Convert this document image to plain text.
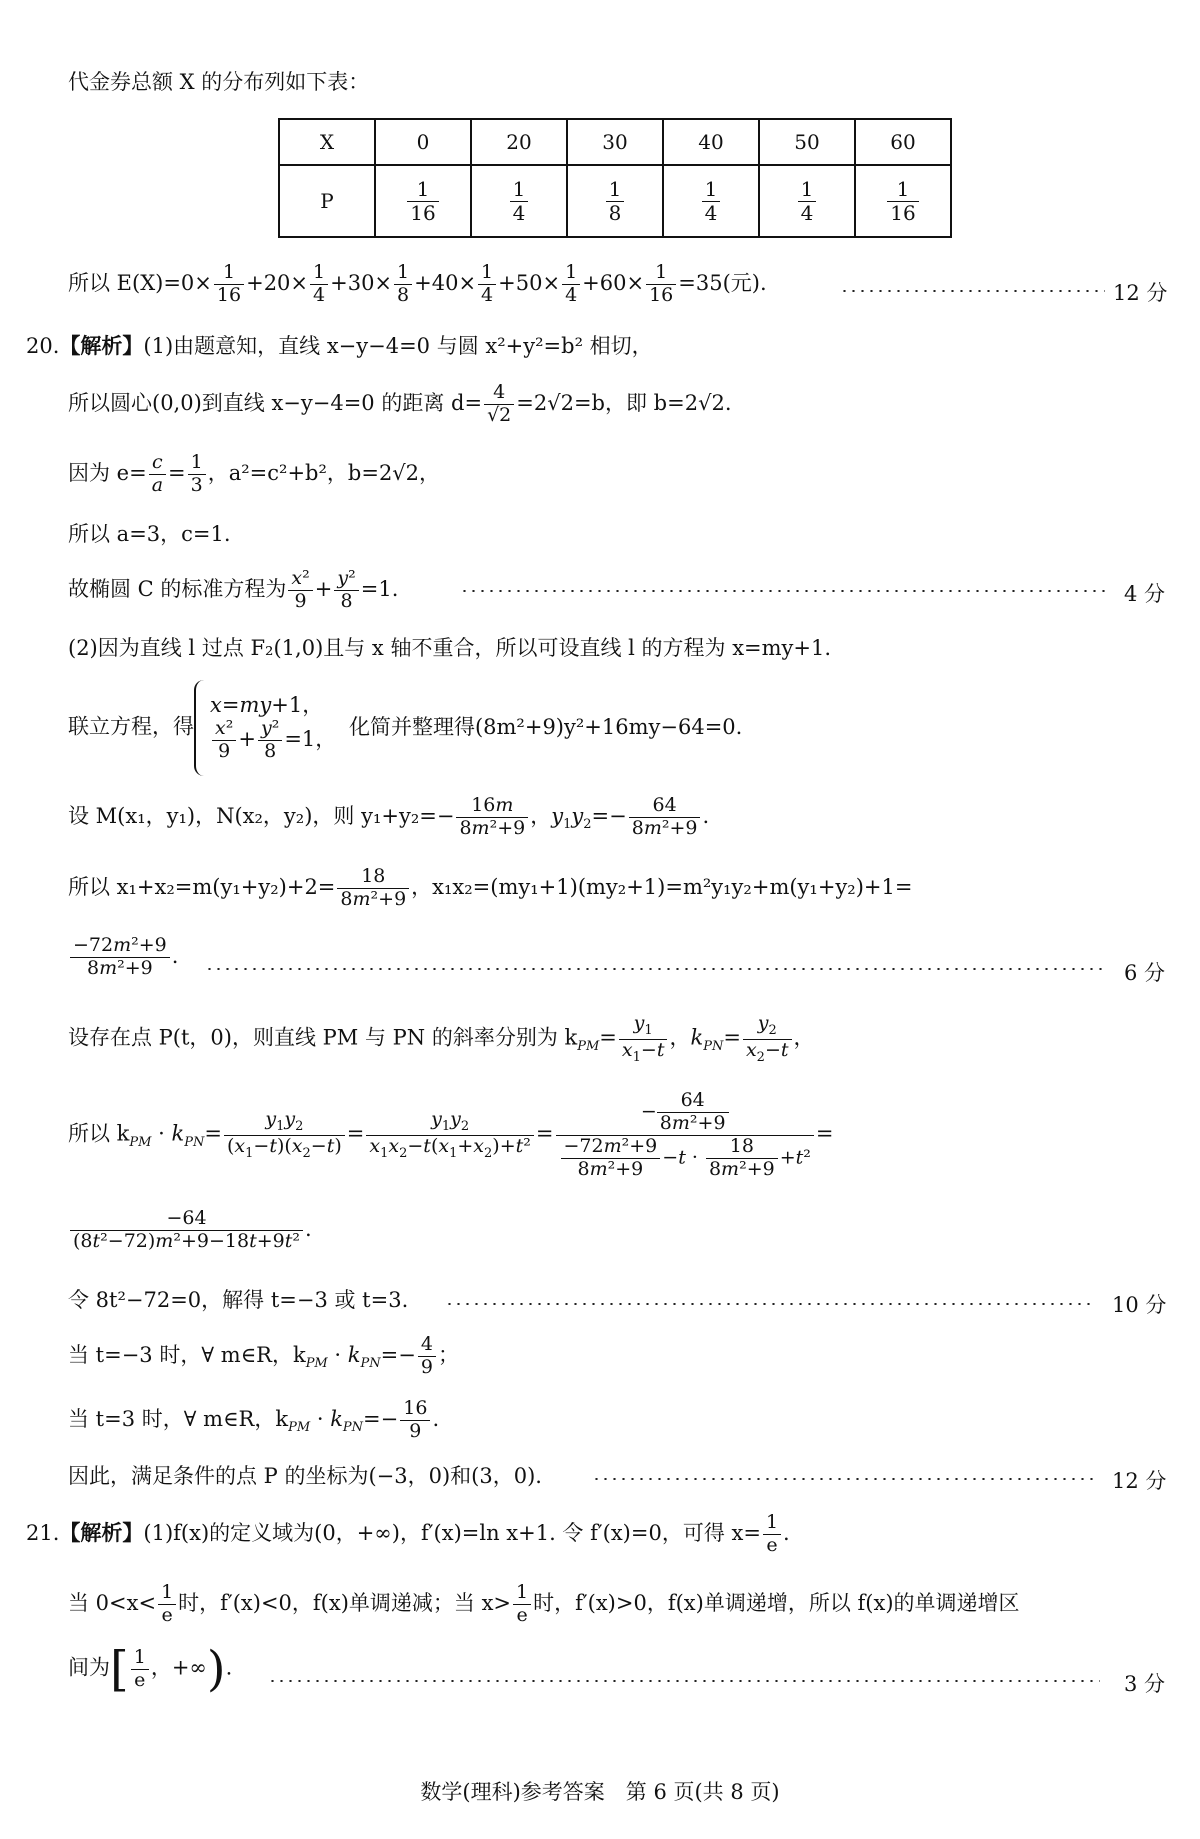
代金券总额 X 的分布列如下表：
X	0	20	30	40	50	60
P	$\frac{1}{16}$	$\frac{1}{4}$	$\frac{1}{8}$	$\frac{1}{4}$	$\frac{1}{4}$	$\frac{1}{16}$
所以 $E(X)=0\times \frac{1}{16} +20\times \frac{1}{4} +30\times \frac{1}{8} +40\times \frac{1}{4} +50\times \frac{1}{4} +60\times \frac{1}{16} =35$(元).	12 分
20.【解析】(1)由题意知，直线 x−y−4=0 与圆 x²+y²=b² 相切，
所以圆心(0,0)到直线 x−y−4=0 的距离 $d= \frac{4}{√2} =2√2=b$，即 b=2√2.
因为 $e= \frac{c}{a} = \frac{1}{3}$ ，a²=c²+b²，b=2√2，
所以 a=3，c=1.
故椭圆 C 的标准方程为 $\frac{\text{x²}}{9} + \frac{\text{y²}}{8} =1$.	4 分
(2)因为直线 l 过点 F₂(1,0)且与 x 轴不重合，所以可设直线 l 的方程为 x=my+1.
联立方程，得
x=my+1，
$\frac{\text{x²}}{9} + \frac{\text{y²}}{8} =1$，
化简并整理得(8m²+9)y²+16my−64=0.
设 M(x₁，y₁)，N(x₂，y₂)，则 $y_1+y_2=- \frac{16m}{\text{8m²+9}}$ ，$y_1y_2=- \frac{64}{\text{8m²+9}}$ .
所以 $x_1+x_2=m(y_1+y_2)+2= \frac{18}{\text{8m²+9}}$ ，x₁x₂=(my₁+1)(my₂+1)=m²y₁y₂+m(y₁+y₂)+1=
$\frac{\text{−72m²+9}}{\text{8m²+9}}$ .
6 分
设存在点 P(t，0)，则直线 PM 与 PN 的斜率分别为 $k_{PM}= \frac{y_1}{x_1-t}$ ，$k_{PN}= \frac{y_2}{x_2-t}$ ，
所以 $k_{PM} \cdot k_{PN}= \frac{y_1y_2}{(x_1-t)(x_2-t)} = \frac{y_1y_2}{x_1x_2-t(x_1+x_2)+t^2} = \frac{- \frac{64}{\text{8m²+9}}}{\frac{\text{−72m²+9}}{\text{8m²+9}} -t \cdot \frac{18}{\text{8m²+9}} +t^2}$ =
$\frac{-64}{\text{(8t²−72)m²+9−18t+9t²}}$ .
令 8t²−72=0，解得 t=−3 或 t=3.	10 分
当 t=−3 时，∀ m∈R，$k_{PM} \cdot k_{PN}=- \frac{4}{9}$ ；
当 t=3 时，∀ m∈R，$k_{PM} \cdot k_{PN}=- \frac{16}{9}$ .
因此，满足条件的点 P 的坐标为(−3，0)和(3，0).	12 分
21.【解析】(1)f(x)的定义域为(0，+∞)，f′(x)=ln x+1. 令 f′(x)=0，可得 $x= \frac{1}{e}$ .
当 $0<x< \frac{1}{e}$ 时，f′(x)<0，f(x)单调递减；当 $x> \frac{1}{e}$ 时，f′(x)>0，f(x)单调递增，所以 f(x)的单调递增区
间为[ $\frac{1}{e}$ ，+∞).
3 分
数学(理科)参考答案　第 6 页(共 8 页)
